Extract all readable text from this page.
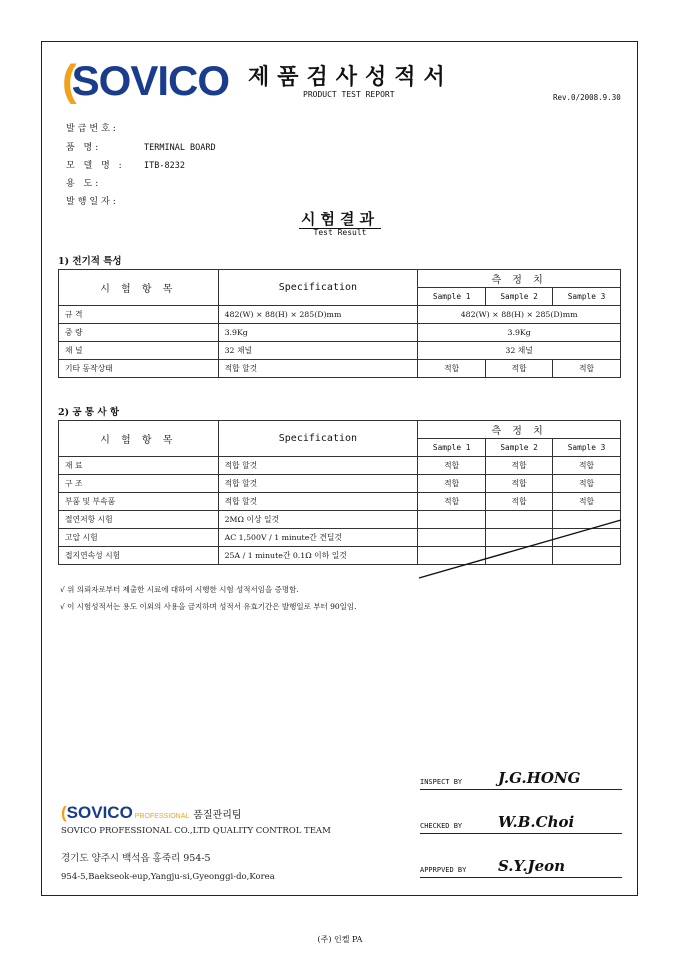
(SOVICO 제품검사성적서
PRODUCT TEST REPORT	Rev.0/2008.9.30
발급번호:
품 명:	TERMINAL BOARD
모 델 명 : ITB-8232
용 도:
발행일자:
시험결과
Test Result
1) 전기적 특성
시 험 항 목	Specification	측 정 치		
		Sample 1	Sample 2	Sample 3
규 격	482(W) × 88(H) × 285(D)mm	482(W) × 88(H) × 285(D)mm		
중 량	3.9Kg	3.9Kg		
채 널	32 채널	32 채널		
기타 동작상태	적합 할것	적합	적합	적합
2) 공 통 사 항
시 험 항 목	Specification	측 정 치		
		Sample 1	Sample 2	Sample 3
재 료	적합 할것	적합	적합	적합
구 조	적합 할것	적합	적합	적합
부품 및 부속품	적합 할것	적합	적합	적합
절연저항 시험	2MΩ 이상 일것			
고압 시험	AC 1,500V / 1 minute간 견딜것			
접지연속성 시험	25A / 1 minute간 0.1Ω 이하 일것			
√ 위 의뢰자로부터 제출한 시료에 대하여 시행한 시험 성적서임을 증명함.
√ 이 시험성적서는 용도 이외의 사용을 금지하며 성적서 유효기간은 발행일로 부터 90일임.
INSPECT BY J.G.HONG
CHECKED BY W.B.Choi
APPRPVED BY S.Y.Jeon
(SOVICO PROFESSIONAL 품질관리팀
SOVICO PROFESSIONAL CO.,LTD QUALITY CONTROL TEAM
경기도 양주시 백석읍 홍죽리 954-5
954-5,Baekseok-eup,Yangju-si,Gyeonggi-do,Korea
(주) 인켈 PA
